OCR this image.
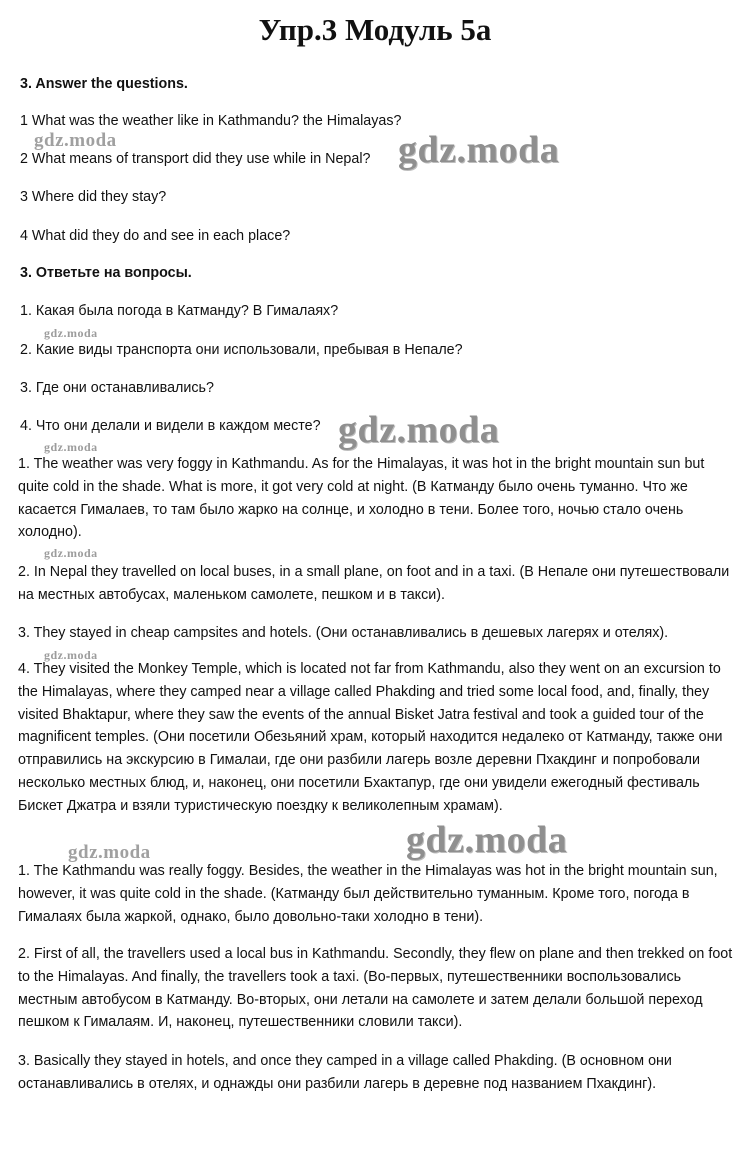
Упр.3 Модуль 5а
3. Answer the questions.
1 What was the weather like in Kathmandu? the Himalayas?
2 What means of transport did they use while in Nepal?
3 Where did they stay?
4 What did they do and see in each place?
3. Ответьте на вопросы.
1. Какая была погода в Катманду? В Гималаях?
2. Какие виды транспорта они использовали, пребывая в Непале?
3. Где они останавливались?
4. Что они делали и видели в каждом месте?

1. The weather was very foggy in Kathmandu. As for the Himalayas, it was hot in the bright mountain sun but quite cold in the shade. What is more, it got very cold at night. (В Катманду было очень туманно. Что же касается Гималаев, то там было жарко на солнце, и холодно в тени. Более того, ночью стало очень холодно).

2. In Nepal they travelled on local buses, in a small plane, on foot and in a taxi. (В Непале они путешествовали на местных автобусах, маленьком самолете, пешком и в такси).

3. They stayed in cheap campsites and hotels. (Они останавливались в дешевых лагерях и отелях).

4. They visited the Monkey Temple, which is located not far from Kathmandu, also they went on an excursion to the Himalayas, where they camped near a village called Phakding and tried some local food, and, finally, they visited Bhaktapur, where they saw the events of the annual Bisket Jatra festival and took a guided tour of the magnificent temples. (Они посетили Обезьяний храм, который находится недалеко от Катманду, также они отправились на экскурсию в Гималаи, где они разбили лагерь возле деревни Пхакдинг и попробовали несколько местных блюд, и, наконец, они посетили Бхактапур, где они увидели ежегодный фестиваль Бискет Джатра и взяли туристическую поездку к великолепным храмам).

1. The Kathmandu was really foggy. Besides, the weather in the Himalayas was hot in the bright mountain sun, however, it was quite cold in the shade. (Катманду был действительно туманным. Кроме того, погода в Гималаях была жаркой, однако, было довольно-таки холодно в тени).

2. First of all, the travellers used a local bus in Kathmandu. Secondly, they flew on plane and then trekked on foot to the Himalayas. And finally, the travellers took a taxi. (Во-первых, путешественники воспользовались местным автобусом в Катманду. Во-вторых, они летали на самолете и затем делали большой переход пешком к Гималаям. И, наконец, путешественники словили такси).

3. Basically they stayed in hotels, and once they camped in a village called Phakding. (В основном они останавливались в отелях, и однажды они разбили лагерь в деревне под названием Пхакдинг).

gdz.moda
gdz.moda
gdz.moda
gdz.moda
gdz.moda
gdz.moda
gdz.moda
gdz.moda
gdz.moda
